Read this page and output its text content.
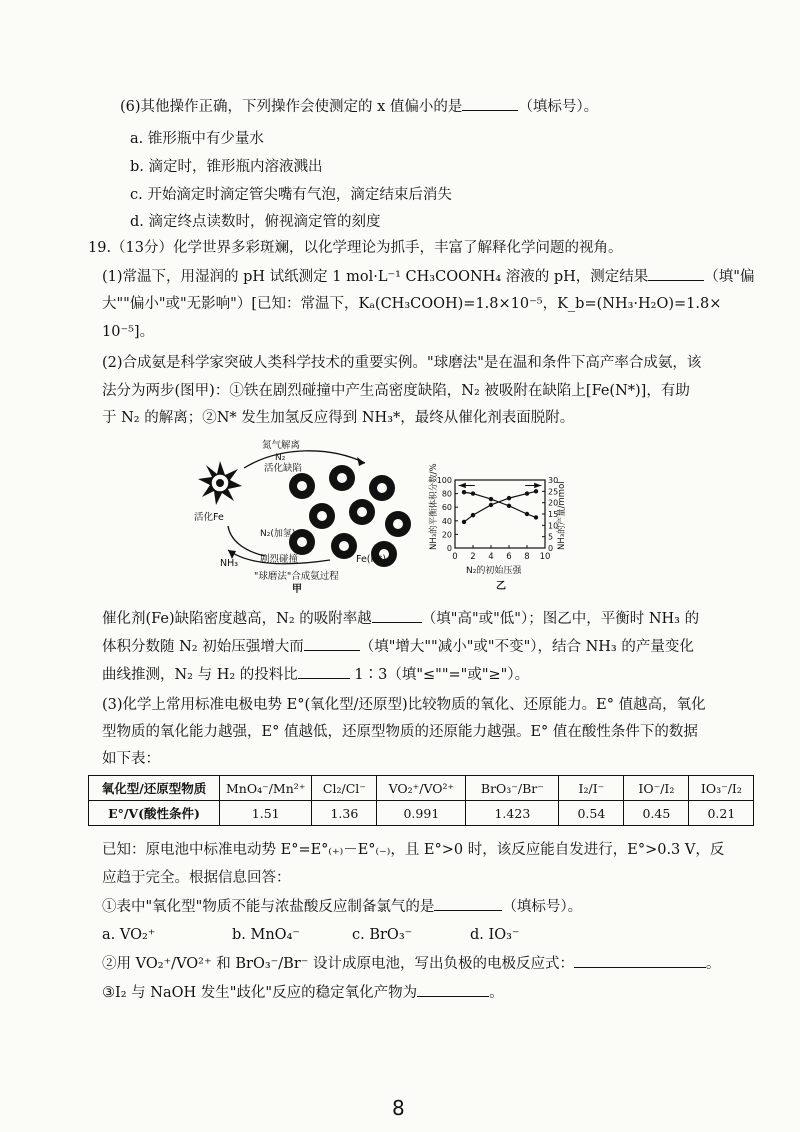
(6)其他操作正确，下列操作会使测定的 x 值偏小的是	（填标号）。
a. 锥形瓶中有少量水
b. 滴定时，锥形瓶内溶液溅出
c. 开始滴定时滴定管尖嘴有气泡，滴定结束后消失
d. 滴定终点读数时，俯视滴定管的刻度
19.（13分）化学世界多彩斑斓，以化学理论为抓手，丰富了解释化学问题的视角。
(1)常温下，用湿润的 pH 试纸测定 1 mol·L⁻¹ CH₃COONH₄ 溶液的 pH，测定结果	（填"偏
大""偏小"或"无影响"）[已知：常温下，Kₐ(CH₃COOH)=1.8×10⁻⁵，K_b=(NH₃·H₂O)=1.8×
10⁻⁵]。
(2)合成氨是科学家突破人类科学技术的重要实例。"球磨法"是在温和条件下高产率合成氨，该
法分为两步(图甲)：①铁在剧烈碰撞中产生高密度缺陷，N₂ 被吸附在缺陷上[Fe(N*)]，有助
于 N₂ 的解离；②N* 发生加氢反应得到 NH₃*，最终从催化剂表面脱附。
氮气解离
N₂
活化缺陷
活化Fe
N₂(加氢)
NH₃ 剧烈碰撞	Fe(N*)
"球磨法"合成氨过程
甲
0 2 4 6 8 10
0
20
40
60
80
100
0
5
10
15
20
25
30
NH₃的平衡体积分数/%	NH₃的产量/mmol
N₂的初始压强
乙
催化剂(Fe)缺陷密度越高，N₂ 的吸附率越	（填"高"或"低"）；图乙中，平衡时 NH₃ 的
体积分数随 N₂ 初始压强增大而	（填"增大""减小"或"不变"），结合 NH₃ 的产量变化
曲线推测，N₂ 与 H₂ 的投料比	1∶3（填"≤""="或"≥"）。
(3)化学上常用标准电极电势 E°(氧化型/还原型)比较物质的氧化、还原能力。E° 值越高，氧化
型物质的氧化能力越强，E° 值越低，还原型物质的还原能力越强。E° 值在酸性条件下的数据
如下表：
氧化型/还原型物质	MnO₄⁻/Mn²⁺	Cl₂/Cl⁻	VO₂⁺/VO²⁺	BrO₃⁻/Br⁻	I₂/I⁻	IO⁻/I₂	IO₃⁻/I₂
E°/V(酸性条件)	1.51	1.36	0.991	1.423	0.54	0.45	0.21
已知：原电池中标准电动势 E°=E°₍₊₎－E°₍₋₎，且 E°>0 时，该反应能自发进行，E°>0.3 V，反
应趋于完全。根据信息回答：
①表中"氧化型"物质不能与浓盐酸反应制备氯气的是	（填标号）。
a. VO₂⁺	b. MnO₄⁻	c. BrO₃⁻	d. IO₃⁻
②用 VO₂⁺/VO²⁺ 和 BrO₃⁻/Br⁻ 设计成原电池，写出负极的电极反应式：	。
③I₂ 与 NaOH 发生"歧化"反应的稳定氧化产物为	。
8
